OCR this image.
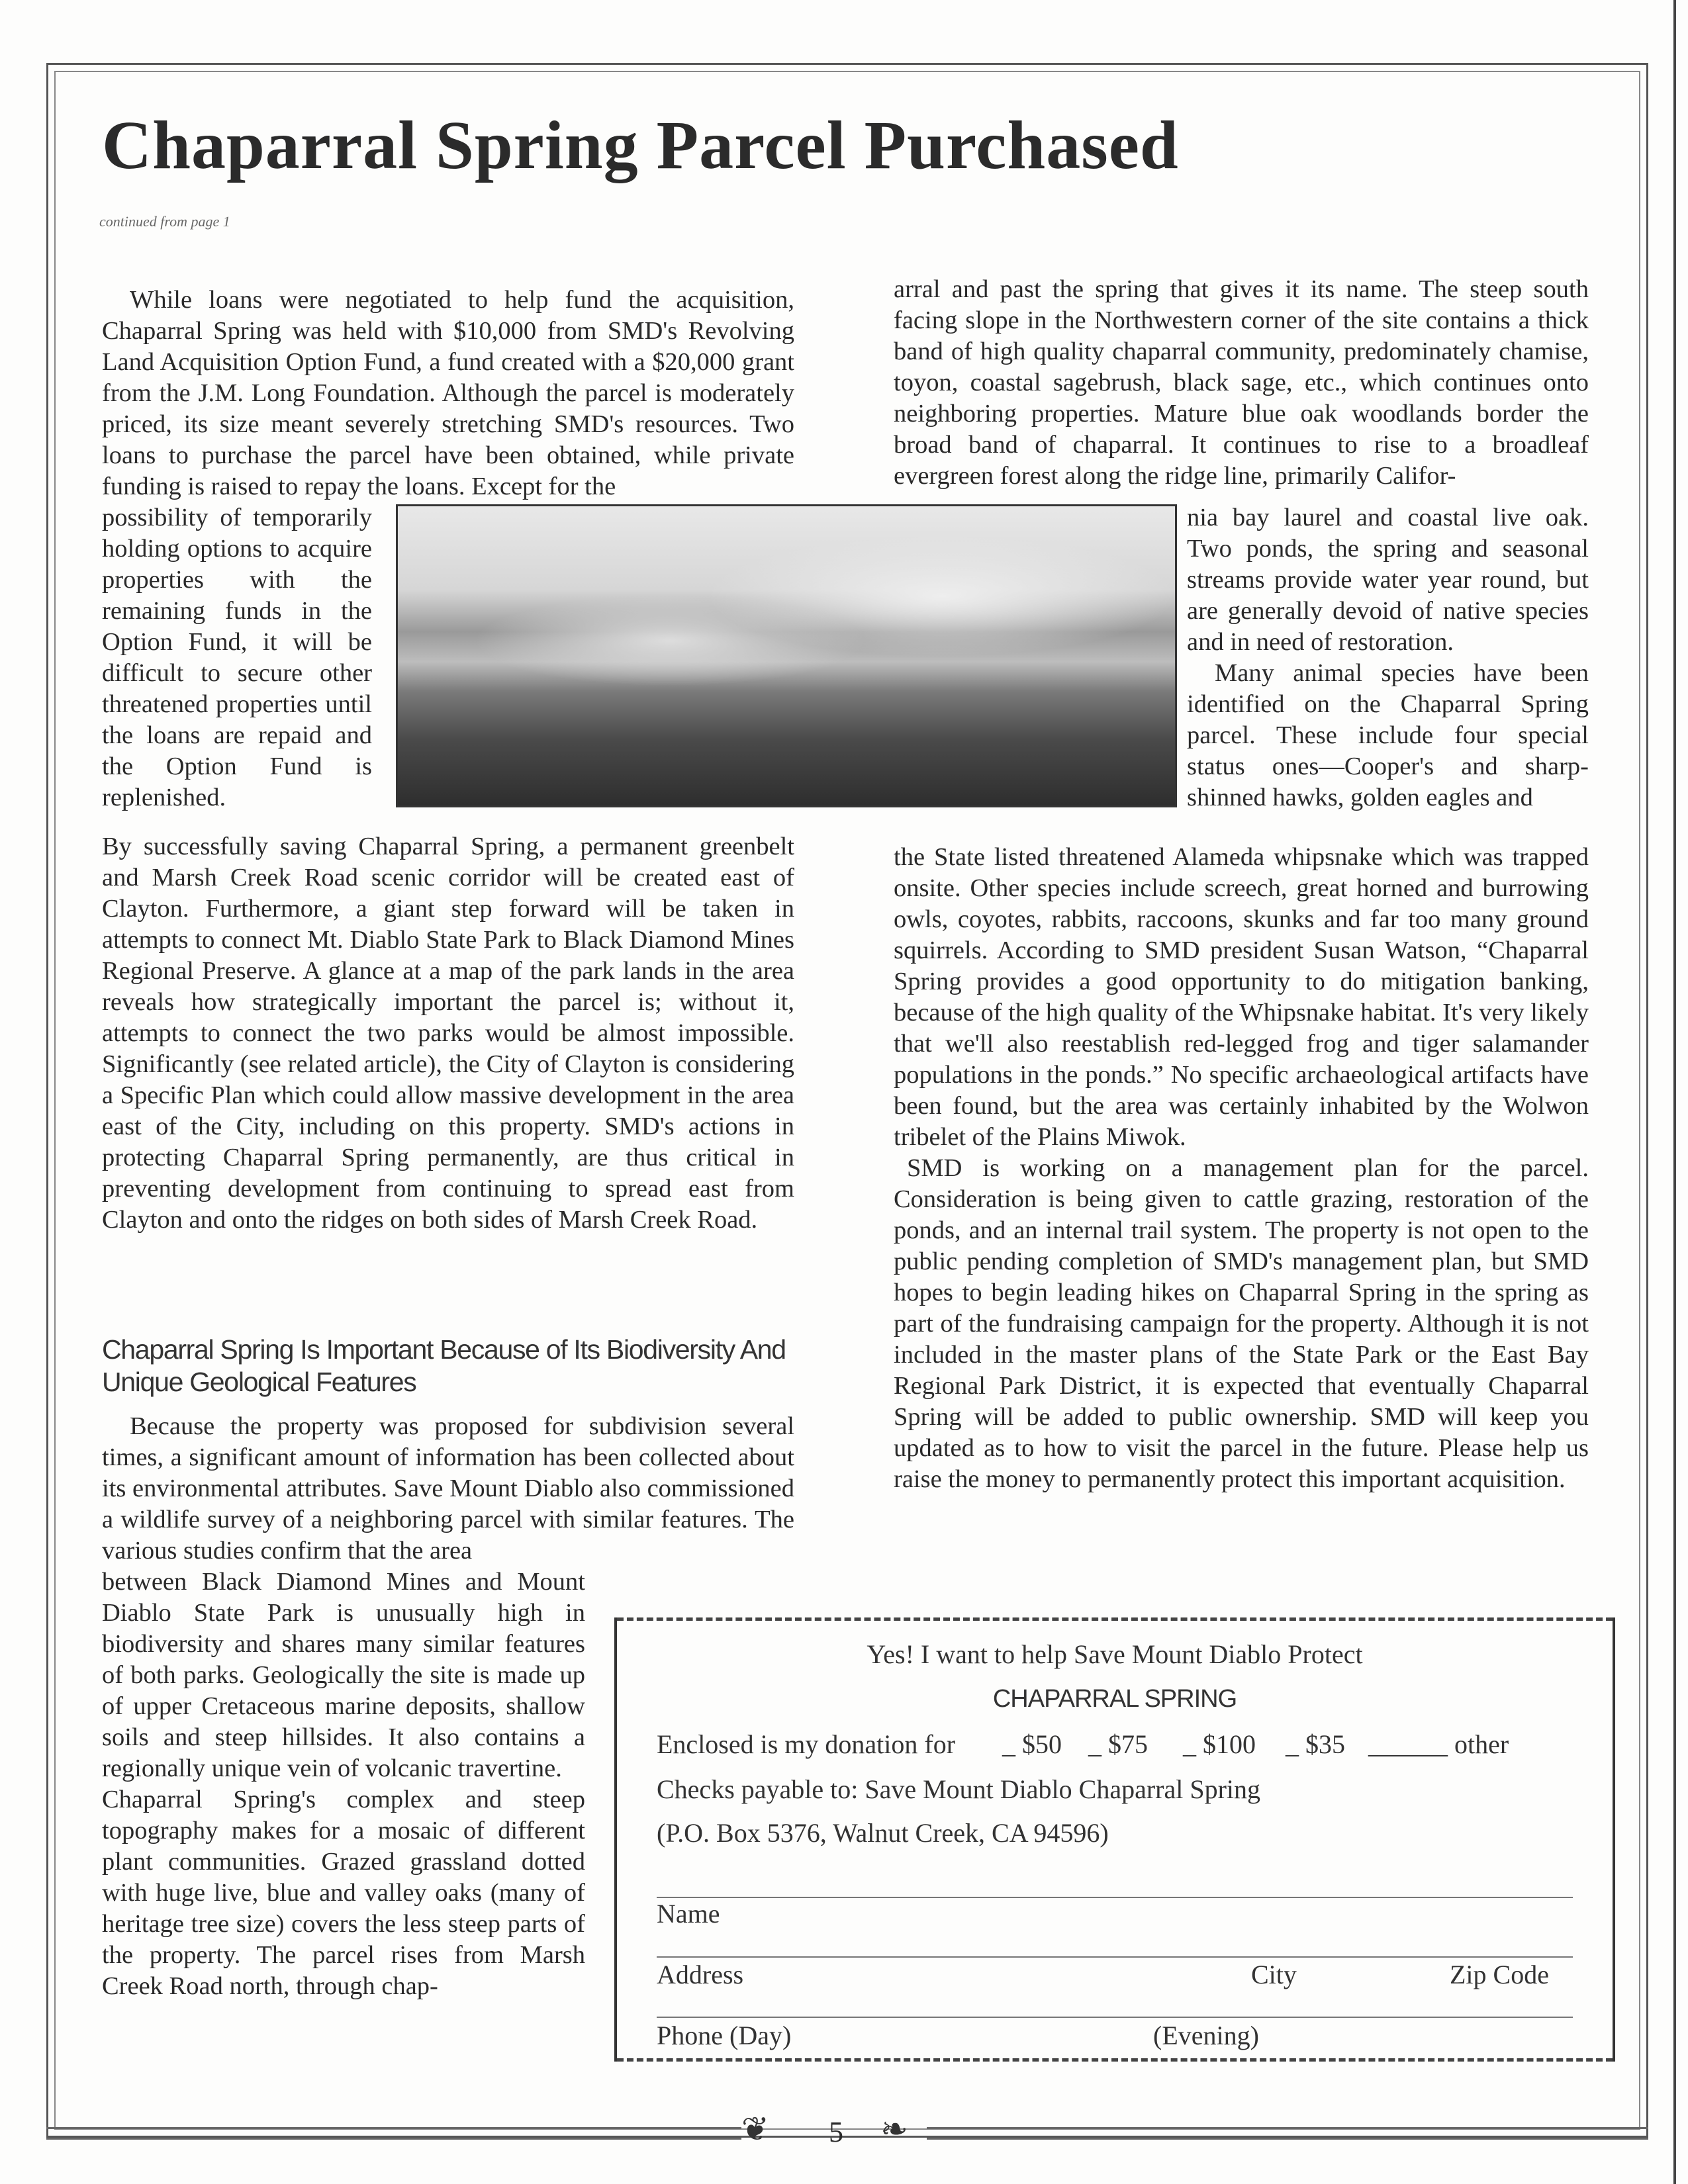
Chaparral Spring Parcel Purchased
continued from page 1

While loans were negotiated to help fund the acquisition, Chaparral Spring was held with $10,000 from SMD's Revolving Land Acquisition Option Fund, a fund created with a $20,000 grant from the J.M. Long Foundation. Although the parcel is moderately priced, its size meant severely stretching SMD's resources. Two loans to purchase the parcel have been obtained, while private funding is raised to repay the loans. Except for the

possibility of temporarily holding options to acquire properties with the remaining funds in the Option Fund, it will be difficult to secure other threatened properties until the loans are repaid and the Option Fund is replenished.

By successfully saving Chaparral Spring, a permanent greenbelt and Marsh Creek Road scenic corridor will be created east of Clayton. Furthermore, a giant step forward will be taken in attempts to connect Mt. Diablo State Park to Black Diamond Mines Regional Preserve. A glance at a map of the park lands in the area reveals how strategically important the parcel is; without it, attempts to connect the two parks would be almost impossible. Significantly (see related article), the City of Clayton is considering a Specific Plan which could allow massive development in the area east of the City, including on this property. SMD's actions in protecting Chaparral Spring permanently, are thus critical in preventing development from continuing to spread east from Clayton and onto the ridges on both sides of Marsh Creek Road.

Chaparral Spring Is Important Because of Its Biodiversity And Unique Geological Features

Because the property was proposed for subdivision several times, a significant amount of information has been collected about its environmental attributes. Save Mount Diablo also commissioned a wildlife survey of a neighboring parcel with similar features. The various studies confirm that the area

between Black Diamond Mines and Mount Diablo State Park is unusually high in biodiversity and shares many similar features of both parks. Geologically the site is made up of upper Cretaceous marine deposits, shallow soils and steep hillsides. It also contains a regionally unique vein of volcanic travertine.

Chaparral Spring's complex and steep topography makes for a mosaic of different plant communities. Grazed grassland dotted with huge live, blue and valley oaks (many of heritage tree size) covers the less steep parts of the property. The parcel rises from Marsh Creek Road north, through chap-

arral and past the spring that gives it its name. The steep south facing slope in the Northwestern corner of the site contains a thick band of high quality chaparral community, predominately chamise, toyon, coastal sagebrush, black sage, etc., which continues onto neighboring properties. Mature blue oak woodlands border the broad band of chaparral. It continues to rise to a broadleaf evergreen forest along the ridge line, primarily Califor-

nia bay laurel and coastal live oak. Two ponds, the spring and seasonal streams provide water year round, but are generally devoid of native species and in need of restoration.

Many animal species have been identified on the Chaparral Spring parcel. These include four special status ones—Cooper's and sharp-shinned hawks, golden eagles and

the State listed threatened Alameda whipsnake which was trapped onsite. Other species include screech, great horned and burrowing owls, coyotes, rabbits, raccoons, skunks and far too many ground squirrels. According to SMD president Susan Watson, “Chaparral Spring provides a good opportunity to do mitigation banking, because of the high quality of the Whipsnake habitat. It's very likely that we'll also reestablish red-legged frog and tiger salamander populations in the ponds.” No specific archaeological artifacts have been found, but the area was certainly inhabited by the Wolwon tribelet of the Plains Miwok.

SMD is working on a management plan for the parcel. Consideration is being given to cattle grazing, restoration of the ponds, and an internal trail system. The property is not open to the public pending completion of SMD's management plan, but SMD hopes to begin leading hikes on Chaparral Spring in the spring as part of the fundraising campaign for the property. Although it is not included in the master plans of the State Park or the East Bay Regional Park District, it is expected that eventually Chaparral Spring will be added to public ownership. SMD will keep you updated as to how to visit the parcel in the future. Please help us raise the money to permanently protect this important acquisition.

Yes! I want to help Save Mount Diablo Protect
CHAPARRAL SPRING
Enclosed is my donation for _ $50 _ $75 _ $100 _ $35 ______ other
Checks payable to: Save Mount Diablo Chaparral Spring
(P.O. Box 5376, Walnut Creek, CA 94596)
Name
Address	City	Zip Code
Phone (Day)	(Evening)
❦	❧
5
